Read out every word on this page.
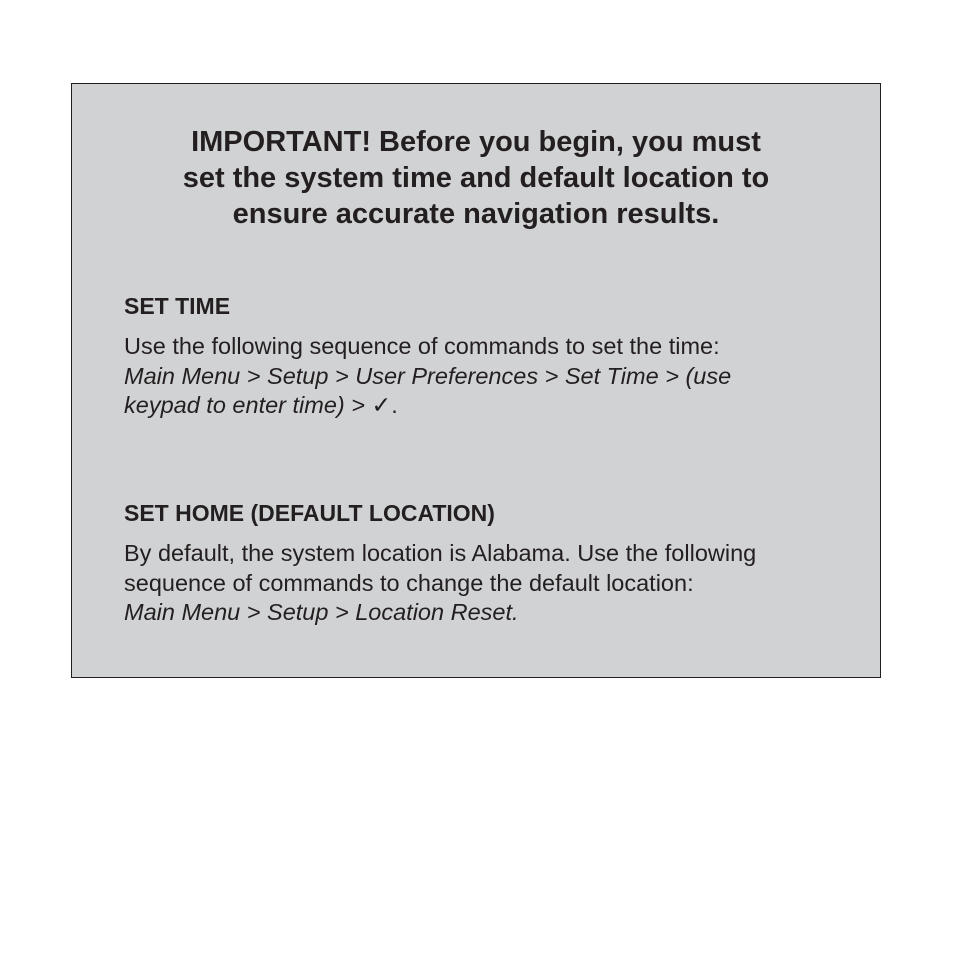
IMPORTANT! Before you begin, you must
set the system time and default location to
ensure accurate navigation results.
SET TIME

Use the following sequence of commands to set the time:
Main Menu > Setup > User Preferences > Set Time > (use
keypad to enter time) > ✓.

SET HOME (DEFAULT LOCATION)

By default, the system location is Alabama. Use the following
sequence of commands to change the default location:
Main Menu > Setup > Location Reset.
